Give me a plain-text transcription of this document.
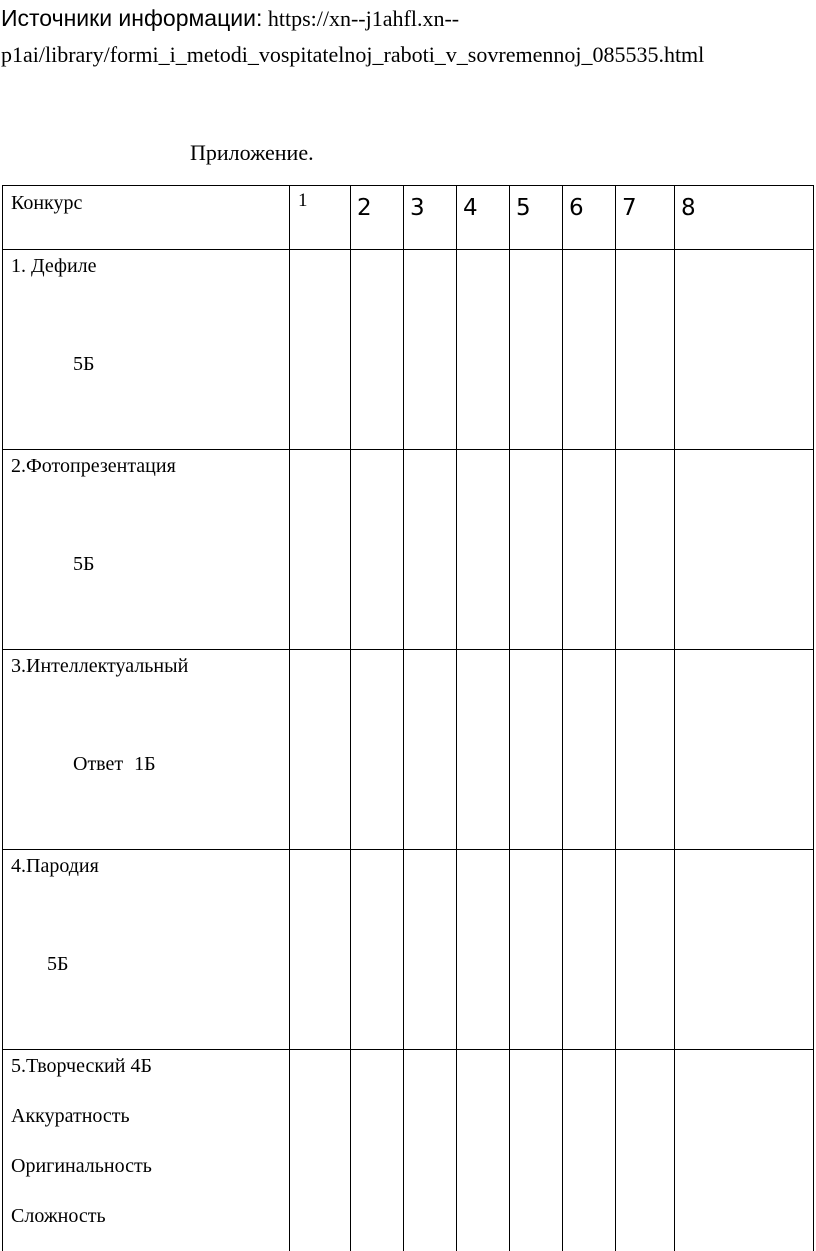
Источники информации: https://xn--j1ahfl.xn--
p1ai/library/formi_i_metodi_vospitatelnoj_raboti_v_sovremennoj_085535.html
Приложение.
Конкурс	1	2	3	4	5	6	7	8

1. Дефиле
5Б								

2.Фотопрезентация
5Б								

3.Интеллектуальный
Ответ 1Б								

4.Пародия
5Б								

5.Творческий 4Б
Аккуратность
Оригинальность
Сложность								
